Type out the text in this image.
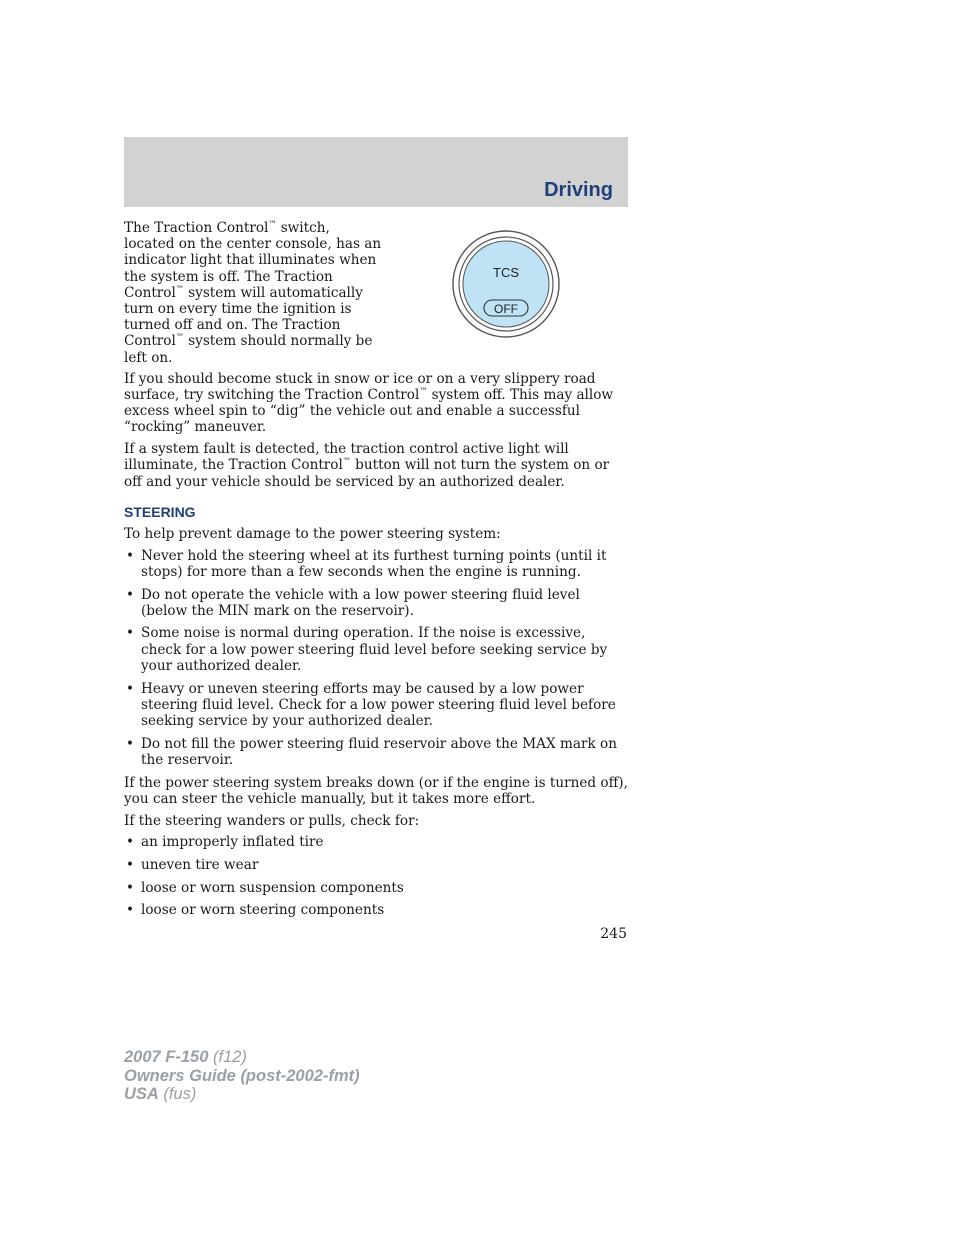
Driving
TCS
OFF

The Traction Control™ switch, located on the center console, has an indicator light that illuminates when the system is off. The Traction Control™ system will automatically turn on every time the ignition is turned off and on. The Traction Control™ system should normally be left on.

If you should become stuck in snow or ice or on a very slippery road surface, try switching the Traction Control™ system off. This may allow excess wheel spin to “dig” the vehicle out and enable a successful “rocking” maneuver.

If a system fault is detected, the traction control active light will illuminate, the Traction Control™ button will not turn the system on or off and your vehicle should be serviced by an authorized dealer.

STEERING

To help prevent damage to the power steering system:

• Never hold the steering wheel at its furthest turning points (until it stops) for more than a few seconds when the engine is running.
• Do not operate the vehicle with a low power steering fluid level (below the MIN mark on the reservoir).
• Some noise is normal during operation. If the noise is excessive, check for a low power steering fluid level before seeking service by your authorized dealer.
• Heavy or uneven steering efforts may be caused by a low power steering fluid level. Check for a low power steering fluid level before seeking service by your authorized dealer.
• Do not fill the power steering fluid reservoir above the MAX mark on the reservoir.

If the power steering system breaks down (or if the engine is turned off), you can steer the vehicle manually, but it takes more effort.

If the steering wanders or pulls, check for:

• an improperly inflated tire
• uneven tire wear
• loose or worn suspension components
• loose or worn steering components
245
2007 F-150 (f12)
Owners Guide (post-2002-fmt)
USA (fus)
